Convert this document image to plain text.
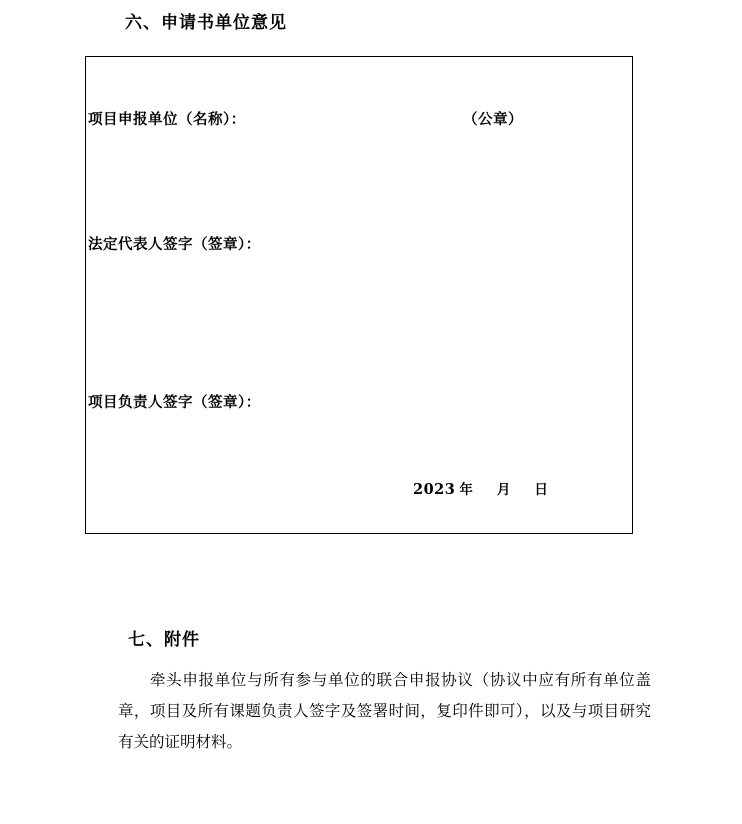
六、申请书单位意见
项目申报单位（名称）：	（公章）
法定代表人签字（签章）：
项目负责人签字（签章）：
2023 年 月 日
七、附件
牵头申报单位与所有参与单位的联合申报协议（协议中应有所有单位盖章，项目及所有课题负责人签字及签署时间，复印件即可），以及与项目研究有关的证明材料。
